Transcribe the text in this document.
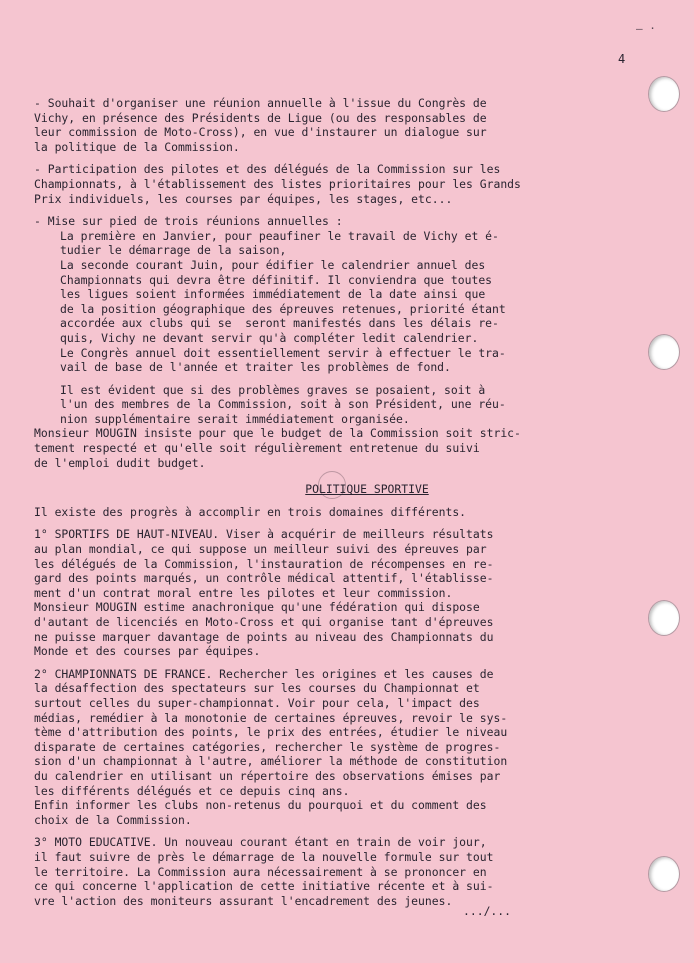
— ·
4

- Souhait d'organiser une réunion annuelle à l'issue du Congrès de

Vichy, en présence des Présidents de Ligue (ou des responsables de

leur commission de Moto-Cross), en vue d'instaurer un dialogue sur

la politique de la Commission.

- Participation des pilotes et des délégués de la Commission sur les

Championnats, à l'établissement des listes prioritaires pour les Grands

Prix individuels, les courses par équipes, les stages, etc...

- Mise sur pied de trois réunions annuelles :

La première en Janvier, pour peaufiner le travail de Vichy et é-

tudier le démarrage de la saison,

La seconde courant Juin, pour édifier le calendrier annuel des

Championnats qui devra être définitif. Il conviendra que toutes

les ligues soient informées immédiatement de la date ainsi que

de la position géographique des épreuves retenues, priorité étant

accordée aux clubs qui se  seront manifestés dans les délais re-

quis, Vichy ne devant servir qu'à compléter ledit calendrier.

Le Congrès annuel doit essentiellement servir à effectuer le tra-

vail de base de l'année et traiter les problèmes de fond.

Il est évident que si des problèmes graves se posaient, soit à

l'un des membres de la Commission, soit à son Président, une réu-

nion supplémentaire serait immédiatement organisée.

Monsieur MOUGIN insiste pour que le budget de la Commission soit stric-

tement respecté et qu'elle soit régulièrement entretenue du suivi

de l'emploi dudit budget.

POLITIQUE SPORTIVE

Il existe des progrès à accomplir en trois domaines différents.

1° SPORTIFS DE HAUT-NIVEAU. Viser à acquérir de meilleurs résultats

au plan mondial, ce qui suppose un meilleur suivi des épreuves par

les délégués de la Commission, l'instauration de récompenses en re-

gard des points marqués, un contrôle médical attentif, l'établisse-

ment d'un contrat moral entre les pilotes et leur commission.

Monsieur MOUGIN estime anachronique qu'une fédération qui dispose

d'autant de licenciés en Moto-Cross et qui organise tant d'épreuves

ne puisse marquer davantage de points au niveau des Championnats du

Monde et des courses par équipes.

2° CHAMPIONNATS DE FRANCE. Rechercher les origines et les causes de

la désaffection des spectateurs sur les courses du Championnat et

surtout celles du super-championnat. Voir pour cela, l'impact des

médias, remédier à la monotonie de certaines épreuves, revoir le sys-

tème d'attribution des points, le prix des entrées, étudier le niveau

disparate de certaines catégories, rechercher le système de progres-

sion d'un championnat à l'autre, améliorer la méthode de constitution

du calendrier en utilisant un répertoire des observations émises par

les différents délégués et ce depuis cinq ans.

Enfin informer les clubs non-retenus du pourquoi et du comment des

choix de la Commission.

3° MOTO EDUCATIVE. Un nouveau courant étant en train de voir jour,

il faut suivre de près le démarrage de la nouvelle formule sur tout

le territoire. La Commission aura nécessairement à se prononcer en

ce qui concerne l'application de cette initiative récente et à sui-

vre l'action des moniteurs assurant l'encadrement des jeunes.

.../...
